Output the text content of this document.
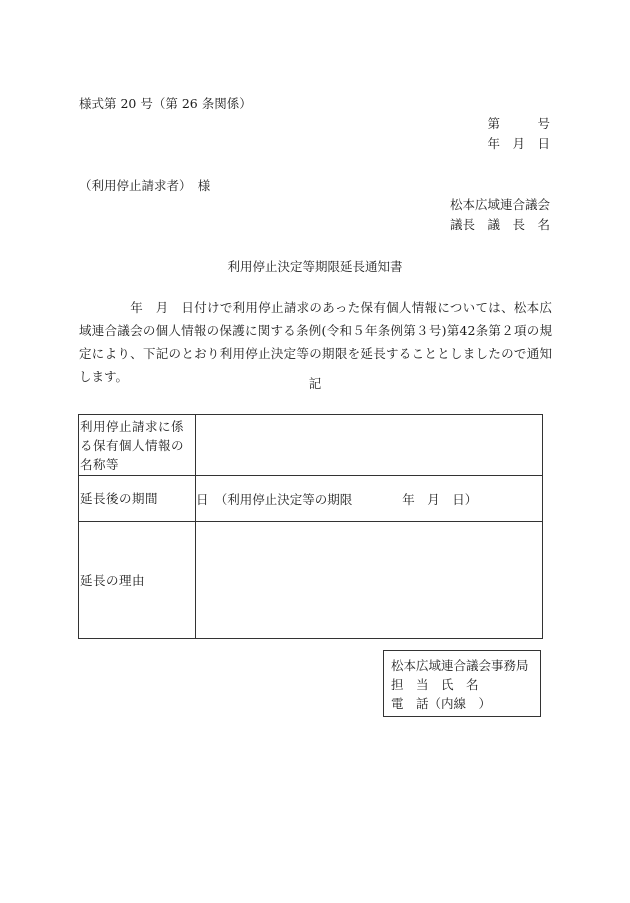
様式第 20 号（第 26 条関係）
第　　　号
年　月　日
（利用停止請求者）　様
松本広域連合議会
議長　議　長　名
利用停止決定等期限延長通知書
　　　　年　月　日付けで利用停止請求のあった保有個人情報については、松本広域連合議会の個人情報の保護に関する条例(令和５年条例第３号)第42条第２項の規定により、下記のとおり利用停止決定等の期限を延長することとしましたので通知します。	記
利用停止請求に係る保有個人情報の名称等	
延長後の期間	日　（利用停止決定等の期限　　　　年　月　日）
延長の理由	
松本広域連合議会事務局
担　当　氏　名
電　話（内線　）
